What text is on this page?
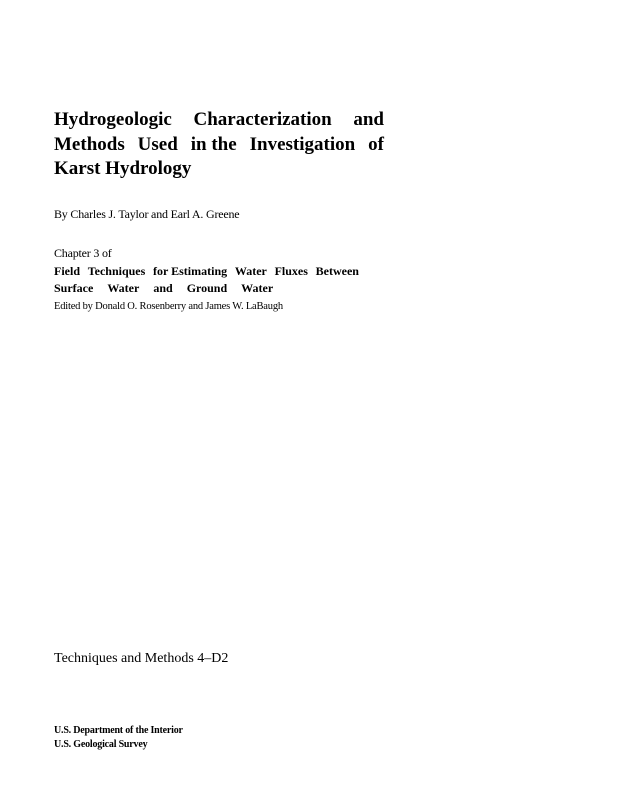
Hydrogeologic Characterization and
Methods Used in the Investigation of
Karst Hydrology
By Charles J. Taylor and Earl A. Greene
Chapter 3 of
Field Techniques for Estimating Water Fluxes Between
Surface Water and Ground Water
Edited by Donald O. Rosenberry and James W. LaBaugh
Techniques and Methods 4–D2
U.S. Department of the Interior
U.S. Geological Survey
